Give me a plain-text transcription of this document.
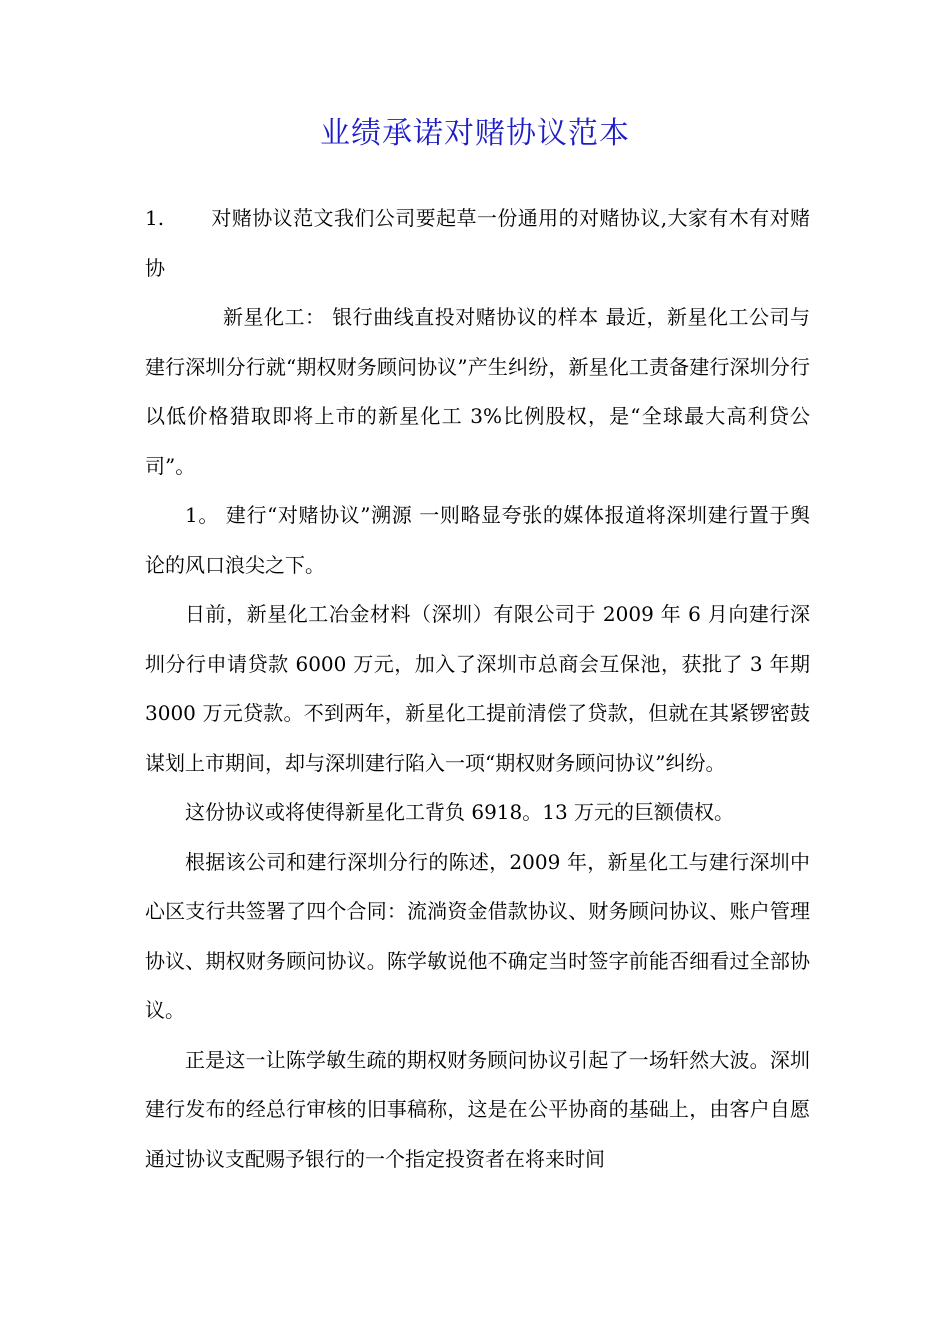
业绩承诺对赌协议范本

1. 对赌协议范文我们公司要起草一份通用的对赌协议,大家有木有对赌协

新星化工： 银行曲线直投对赌协议的样本 最近，新星化工公司与建行深圳分行就“期权财务顾问协议”产生纠纷，新星化工责备建行深圳分行以低价格猎取即将上市的新星化工 3%比例股权，是“全球最大高利贷公司”。

1。 建行“对赌协议”溯源 一则略显夸张的媒体报道将深圳建行置于舆论的风口浪尖之下。

日前，新星化工冶金材料（深圳）有限公司于 2009 年 6 月向建行深圳分行申请贷款 6000 万元，加入了深圳市总商会互保池，获批了 3 年期 3000 万元贷款。不到两年，新星化工提前清偿了贷款，但就在其紧锣密鼓谋划上市期间，却与深圳建行陷入一项“期权财务顾问协议”纠纷。

这份协议或将使得新星化工背负 6918。13 万元的巨额债权。

根据该公司和建行深圳分行的陈述，2009 年，新星化工与建行深圳中心区支行共签署了四个合同：流淌资金借款协议、财务顾问协议、账户管理协议、期权财务顾问协议。陈学敏说他不确定当时签字前能否细看过全部协议。

正是这一让陈学敏生疏的期权财务顾问协议引起了一场轩然大波。深圳建行发布的经总行审核的旧事稿称，这是在公平协商的基础上，由客户自愿通过协议支配赐予银行的一个指定投资者在将来时间
